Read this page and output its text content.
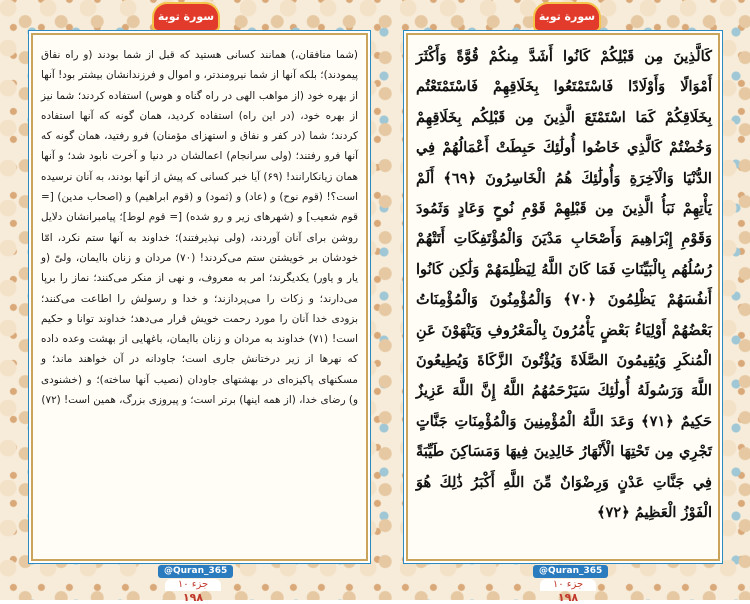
سورة توبة	سورة توبة
(شما منافقان،) همانند کسانی هستید که قبل از شما بودند (و راه نفاق پیمودند)؛ بلکه آنها از شما نیرومندتر، و اموال و فرزندانشان بیشتر بود! آنها از بهره خود (از مواهب الهی در راه گناه و هوس) استفاده کردند؛ شما نیز از بهره خود، (در این راه) استفاده کردید، همان گونه که آنها استفاده کردند؛ شما (در کفر و نفاق و استهزای مؤمنان) فرو رفتید، همان گونه که آنها فرو رفتند؛ (ولی سرانجام) اعمالشان در دنیا و آخرت نابود شد؛ و آنها همان زیانکارانند! (۶۹) آیا خبر کسانی که پیش از آنها بودند، به آنان نرسیده است؟! (قوم نوح) و (عاد) و (ثمود) و (قوم ابراهیم) و (اصحاب مدین) [= قوم شعیب] و (شهرهای زیر و رو شده) [= قوم لوط]؛ پیامبرانشان دلایل روشن برای آنان آوردند، (ولی نپذیرفتند)؛ خداوند به آنها ستم نکرد، امّا خودشان بر خویشتن ستم می‌کردند! (۷۰) مردان و زنان باایمان، ولیّ (و یار و یاور) یکدیگرند؛ امر به معروف، و نهی از منکر می‌کنند؛ نماز را برپا می‌دارند؛ و زکات را می‌پردازند؛ و خدا و رسولش را اطاعت می‌کنند؛ بزودی خدا آنان را مورد رحمت خویش قرار می‌دهد؛ خداوند توانا و حکیم است! (۷۱) خداوند به مردان و زنان باایمان، باغهایی از بهشت وعده داده که نهرها از زیر درختانش جاری است؛ جاودانه در آن خواهند ماند؛ و مسکنهای پاکیزه‌ای در بهشتهای جاودان (نصیب آنها ساخته)؛ و (خشنودی و) رضای خدا، (از همه اینها) برتر است؛ و پیروزی بزرگ، همین است! (۷۲)
كَالَّذِينَ مِن قَبْلِكُمْ كَانُوا أَشَدَّ مِنكُمْ قُوَّةً وَأَكْثَرَ أَمْوَالًا وَأَوْلَادًا فَاسْتَمْتَعُوا بِخَلَاقِهِمْ فَاسْتَمْتَعْتُم بِخَلَاقِكُمْ كَمَا اسْتَمْتَعَ الَّذِينَ مِن قَبْلِكُم بِخَلَاقِهِمْ وَخُضْتُمْ كَالَّذِي خَاضُوا أُولَٰئِكَ حَبِطَتْ أَعْمَالُهُمْ فِي الدُّنْيَا وَالْآخِرَةِ وَأُولَٰئِكَ هُمُ الْخَاسِرُونَ ﴿٦٩﴾ أَلَمْ يَأْتِهِمْ نَبَأُ الَّذِينَ مِن قَبْلِهِمْ قَوْمِ نُوحٍ وَعَادٍ وَثَمُودَ وَقَوْمِ إِبْرَاهِيمَ وَأَصْحَابِ مَدْيَنَ وَالْمُؤْتَفِكَاتِ أَتَتْهُمْ رُسُلُهُم بِالْبَيِّنَاتِ فَمَا كَانَ اللَّهُ لِيَظْلِمَهُمْ وَلَٰكِن كَانُوا أَنفُسَهُمْ يَظْلِمُونَ ﴿٧٠﴾ وَالْمُؤْمِنُونَ وَالْمُؤْمِنَاتُ بَعْضُهُمْ أَوْلِيَاءُ بَعْضٍ يَأْمُرُونَ بِالْمَعْرُوفِ وَيَنْهَوْنَ عَنِ الْمُنكَرِ وَيُقِيمُونَ الصَّلَاةَ وَيُؤْتُونَ الزَّكَاةَ وَيُطِيعُونَ اللَّهَ وَرَسُولَهُ أُولَٰئِكَ سَيَرْحَمُهُمُ اللَّهُ إِنَّ اللَّهَ عَزِيزٌ حَكِيمٌ ﴿٧١﴾ وَعَدَ اللَّهُ الْمُؤْمِنِينَ وَالْمُؤْمِنَاتِ جَنَّاتٍ تَجْرِي مِن تَحْتِهَا الْأَنْهَارُ خَالِدِينَ فِيهَا وَمَسَاكِنَ طَيِّبَةً فِي جَنَّاتِ عَدْنٍ وَرِضْوَانٌ مِّنَ اللَّهِ أَكْبَرُ ذَٰلِكَ هُوَ الْفَوْزُ الْعَظِيمُ ﴿٧٢﴾
@Quran_365
جزء ۱۰
۱۹۸
@Quran_365
جزء ۱۰
۱۹۸
